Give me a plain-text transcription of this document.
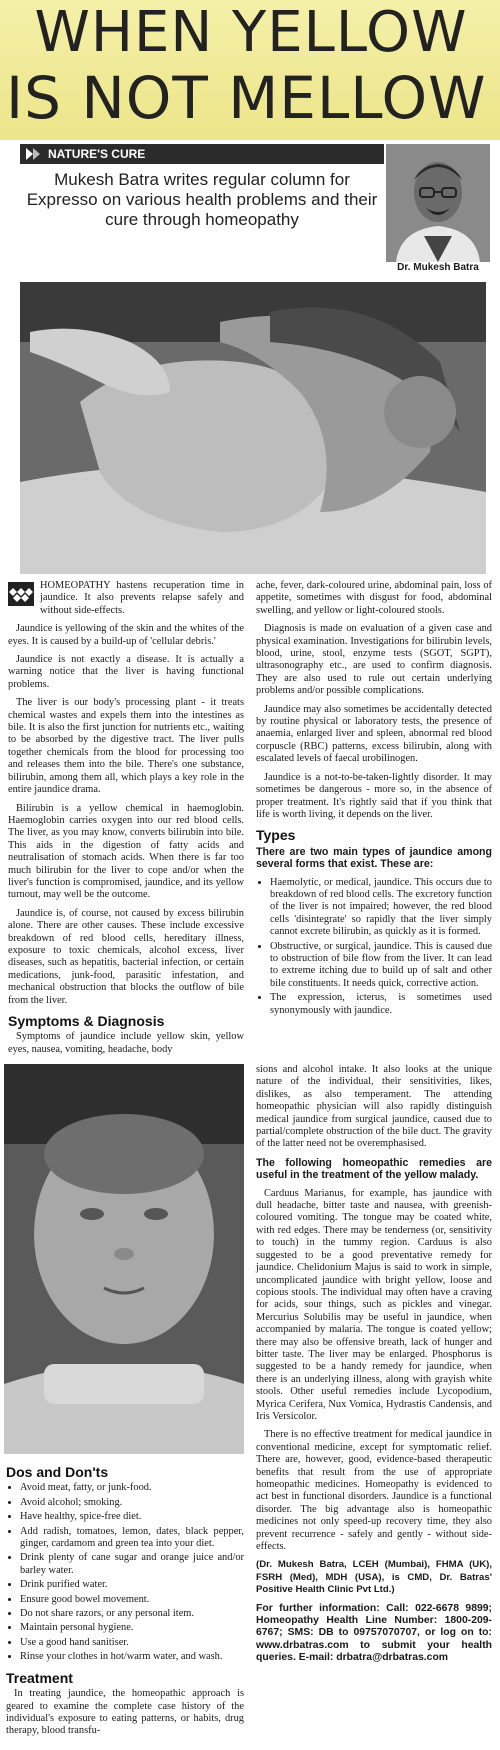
WHEN YELLOW
IS NOT MELLOW
NATURE'S CURE
Mukesh Batra writes regular column for Expresso on various health problems and their cure through homeopathy
Dr. Mukesh Batra

HOMEOPATHY hastens recuperation time in jaundice. It also prevents relapse safely and without side-effects.

Jaundice is yellowing of the skin and the whites of the eyes. It is caused by a build-up of 'cellular debris.'

Jaundice is not exactly a disease. It is actually a warning notice that the liver is having functional problems.

The liver is our body's processing plant - it treats chemical wastes and expels them into the intestines as bile. It is also the first junction for nutrients etc., waiting to be absorbed by the digestive tract. The liver pulls together chemicals from the blood for processing too and releases them into the bile. There's one substance, bilirubin, among them all, which plays a key role in the entire jaundice drama.

Bilirubin is a yellow chemical in haemoglobin. Haemoglobin carries oxygen into our red blood cells. The liver, as you may know, converts bilirubin into bile. This aids in the digestion of fatty acids and neutralisation of stomach acids. When there is far too much bilirubin for the liver to cope and/or when the liver's function is compromised, jaundice, and its yellow turnout, may well be the outcome.

Jaundice is, of course, not caused by excess bilirubin alone. There are other causes. These include excessive breakdown of red blood cells, hereditary illness, exposure to toxic chemicals, alcohol excess, liver diseases, such as hepatitis, bacterial infection, or certain medications, junk-food, parasitic infestation, and mechanical obstruction that blocks the outflow of bile from the liver.

Symptoms & Diagnosis

Symptoms of jaundice include yellow skin, yellow eyes, nausea, vomiting, headache, body

ache, fever, dark-coloured urine, abdominal pain, loss of appetite, sometimes with disgust for food, abdominal swelling, and yellow or light-coloured stools.

Diagnosis is made on evaluation of a given case and physical examination. Investigations for bilirubin levels, blood, urine, stool, enzyme tests (SGOT, SGPT), ultrasonography etc., are used to confirm diagnosis. They are also used to rule out certain underlying problems and/or possible complications.

Jaundice may also sometimes be accidentally detected by routine physical or laboratory tests, the presence of anaemia, enlarged liver and spleen, abnormal red blood corpuscle (RBC) patterns, excess bilirubin, along with escalated levels of faecal urobilinogen.

Jaundice is a not-to-be-taken-lightly disorder. It may sometimes be dangerous - more so, in the absence of proper treatment. It's rightly said that if you think that life is worth living, it depends on the liver.

Types

There are two main types of jaundice among several forms that exist. These are:

• Haemolytic, or medical, jaundice. This occurs due to breakdown of red blood cells. The excretory function of the liver is not impaired; however, the red blood cells 'disintegrate' so rapidly that the liver simply cannot excrete bilirubin, as quickly as it is formed.
• Obstructive, or surgical, jaundice. This is caused due to obstruction of bile flow from the liver. It can lead to extreme itching due to build up of salt and other bile constituents. It needs quick, corrective action.
• The expression, icterus, is sometimes used synonymously with jaundice.

sions and alcohol intake. It also looks at the unique nature of the individual, their sensitivities, likes, dislikes, as also temperament. The attending homeopathic physician will also rapidly distinguish medical jaundice from surgical jaundice, caused due to partial/complete obstruction of the bile duct. The gravity of the latter need not be overemphasised.

The following homeopathic remedies are useful in the treatment of the yellow malady.

Carduus Marianus, for example, has jaundice with dull headache, bitter taste and nausea, with greenish-coloured vomiting. The tongue may be coated white, with red edges. There may be tenderness (or, sensitivity to touch) in the tummy region. Carduus is also suggested to be a good preventative remedy for jaundice. Chelidonium Majus is said to work in simple, uncomplicated jaundice with bright yellow, loose and copious stools. The individual may often have a craving for acids, sour things, such as pickles and vinegar. Mercurius Solubilis may be useful in jaundice, when accompanied by malaria. The tongue is coated yellow; there may also be offensive breath, lack of hunger and bitter taste. The liver may be enlarged. Phosphorus is suggested to be a handy remedy for jaundice, when there is an underlying illness, along with grayish white stools. Other useful remedies include Lycopodium, Myrica Cerifera, Nux Vomica, Hydrastis Candensis, and Iris Versicolor.

There is no effective treatment for medical jaundice in conventional medicine, except for symptomatic relief. There are, however, good, evidence-based therapeutic benefits that result from the use of appropriate homeopathic medicines. Homeopathy is evidenced to act best in functional disorders. Jaundice is a functional disorder. The big advantage also is homeopathic medicines not only speed-up recovery time, they also prevent recurrence - safely and gently - without side-effects.

(Dr. Mukesh Batra, LCEH (Mumbai), FHMA (UK), FSRH (Med), MDH (USA), is CMD, Dr. Batras' Positive Health Clinic Pvt Ltd.)

For further information: Call: 022-6678 9899; Homeopathy Health Line Number: 1800-209-6767; SMS: DB to 09757070707, or log on to: www.drbatras.com to submit your health queries. E-mail: drbatra@drbatras.com

Dos and Don'ts
• Avoid meat, fatty, or junk-food.
• Avoid alcohol; smoking.
• Have healthy, spice-free diet.
• Add radish, tomatoes, lemon, dates, black pepper, ginger, cardamom and green tea into your diet.
• Drink plenty of cane sugar and orange juice and/or barley water.
• Drink purified water.
• Ensure good bowel movement.
• Do not share razors, or any personal item.
• Maintain personal hygiene.
• Use a good hand sanitiser.
• Rinse your clothes in hot/warm water, and wash.
Treatment

In treating jaundice, the homeopathic approach is geared to examine the complete case history of the individual's exposure to eating patterns, or habits, drug therapy, blood transfu-
